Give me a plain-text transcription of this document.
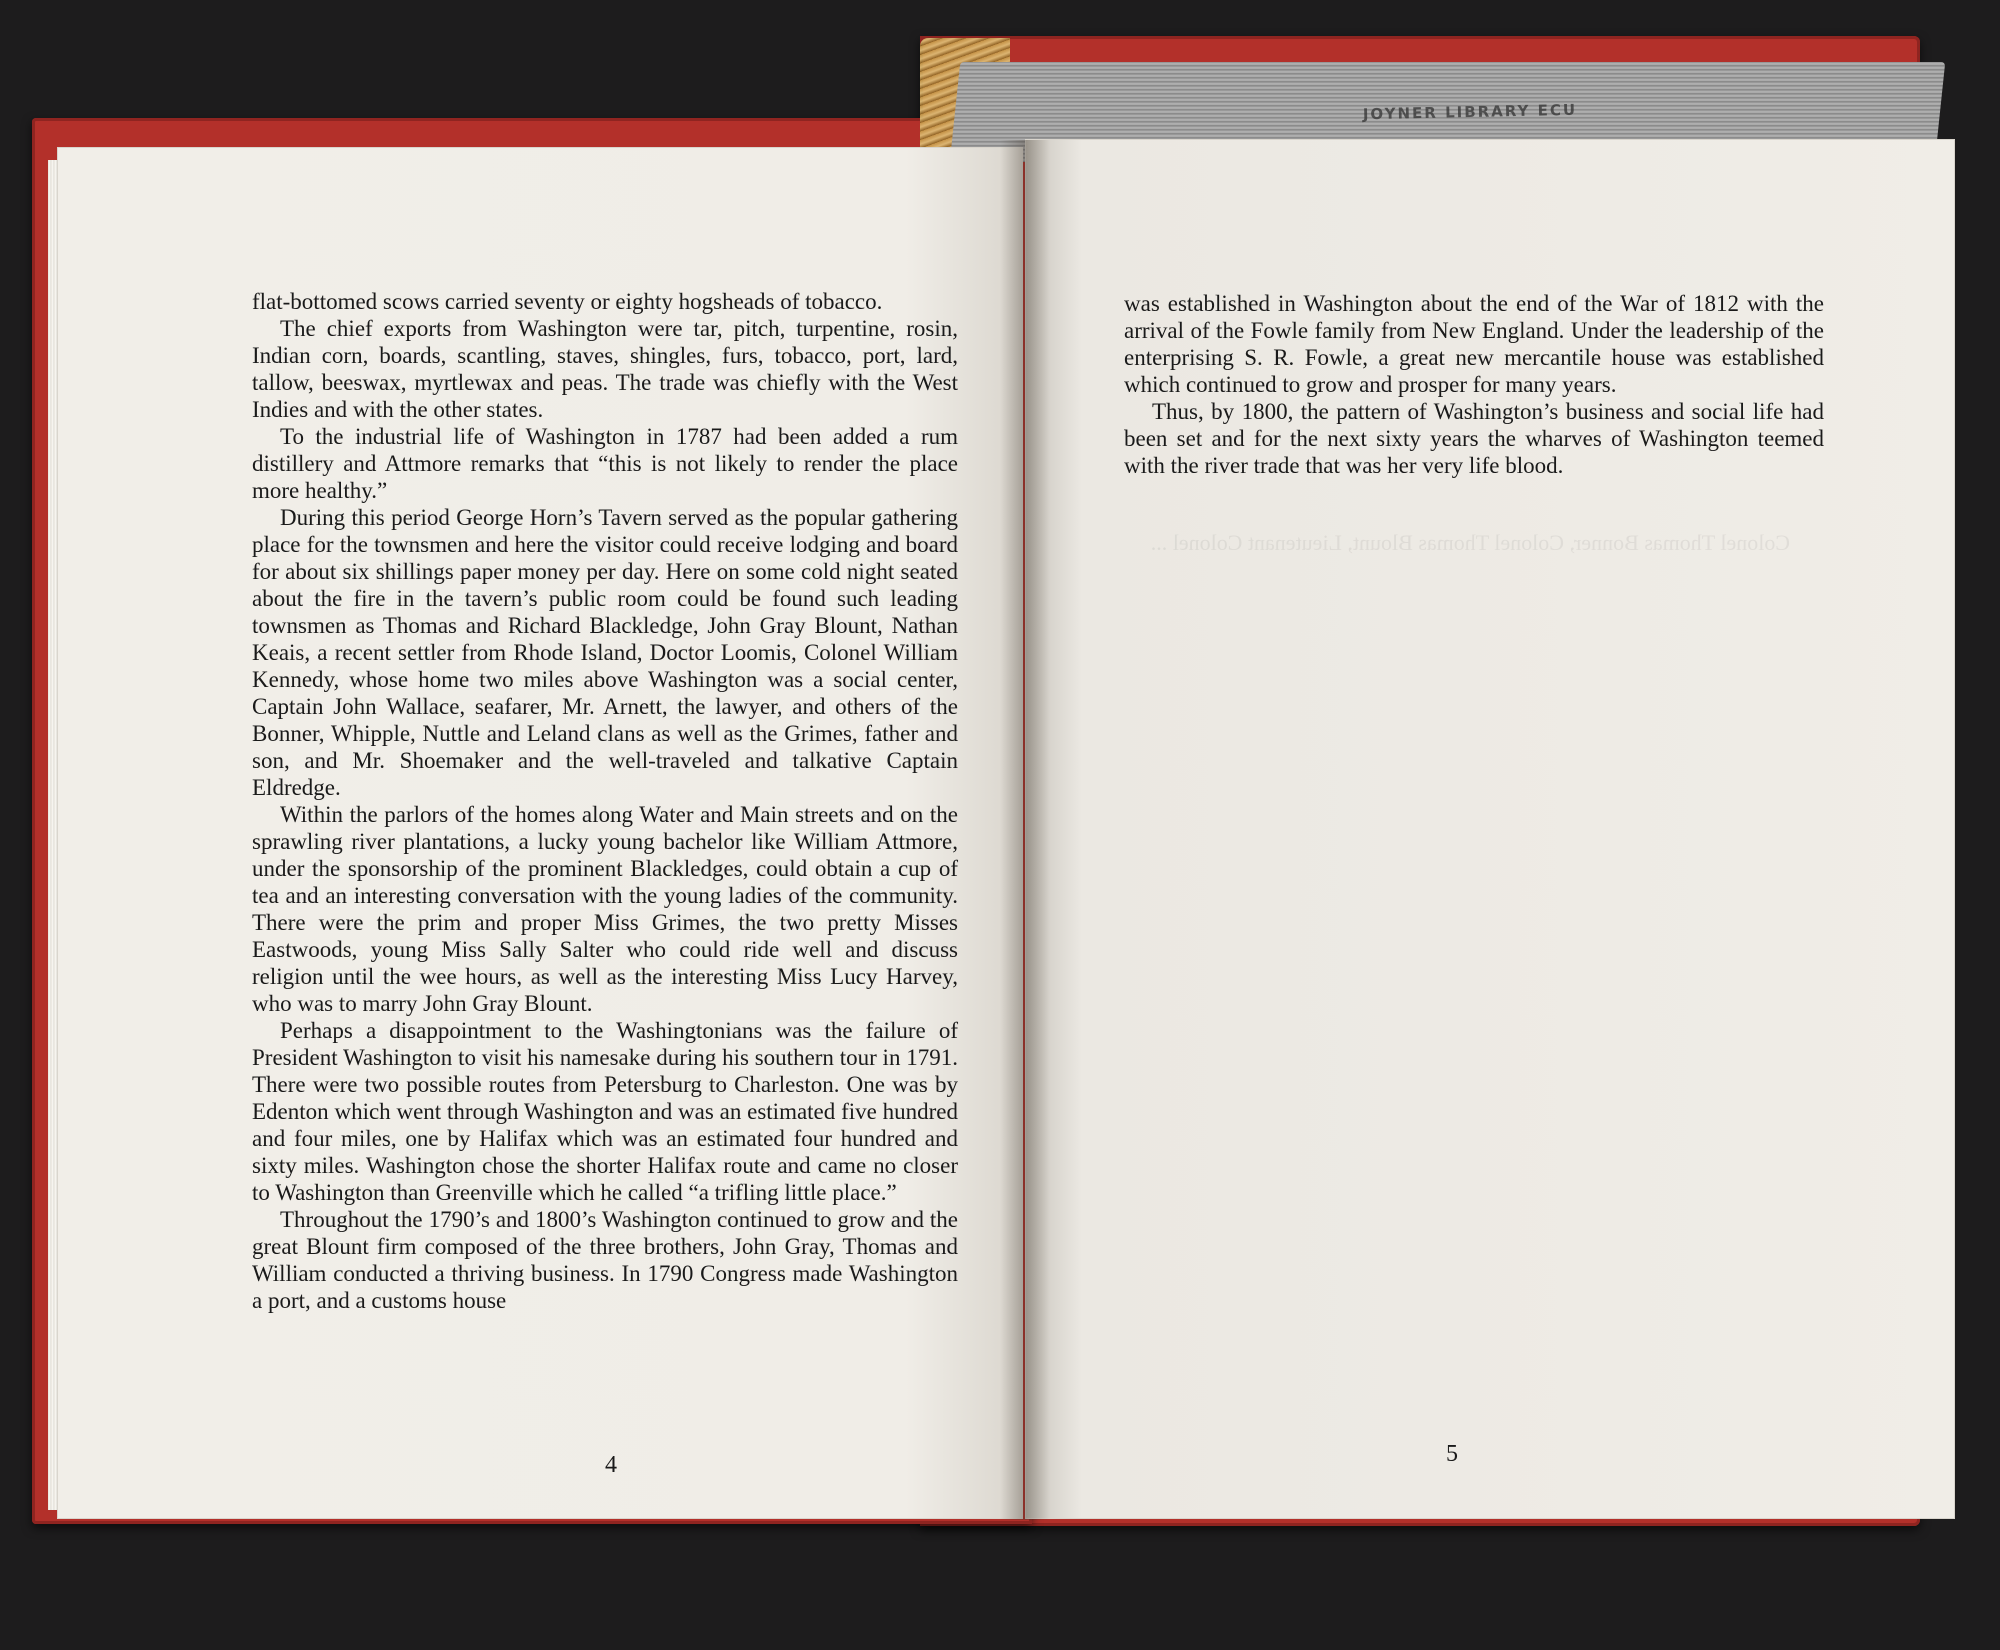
JOYNER LIBRARY ECU

flat-bottomed scows carried seventy or eighty hogsheads of tobacco.

The chief exports from Washington were tar, pitch, turpentine, rosin, Indian corn, boards, scantling, staves, shingles, furs, tobacco, port, lard, tallow, beeswax, myrtlewax and peas. The trade was chiefly with the West Indies and with the other states.

To the industrial life of Washington in 1787 had been added a rum distillery and Attmore remarks that “this is not likely to render the place more healthy.”

During this period George Horn’s Tavern served as the popular gathering place for the townsmen and here the visitor could receive lodging and board for about six shillings paper money per day. Here on some cold night seated about the fire in the tavern’s public room could be found such leading townsmen as Thomas and Richard Blackledge, John Gray Blount, Nathan Keais, a recent settler from Rhode Island, Doctor Loomis, Colonel William Kennedy, whose home two miles above Washington was a social center, Captain John Wallace, seafarer, Mr. Arnett, the lawyer, and others of the Bonner, Whipple, Nuttle and Leland clans as well as the Grimes, father and son, and Mr. Shoemaker and the well-traveled and talkative Captain Eldredge.

Within the parlors of the homes along Water and Main streets and on the sprawling river plantations, a lucky young bachelor like William Attmore, under the sponsorship of the prominent Blackledges, could obtain a cup of tea and an interesting conversation with the young ladies of the community. There were the prim and proper Miss Grimes, the two pretty Misses Eastwoods, young Miss Sally Salter who could ride well and discuss religion until the wee hours, as well as the interesting Miss Lucy Harvey, who was to marry John Gray Blount.

Perhaps a disappointment to the Washingtonians was the failure of President Washington to visit his namesake during his southern tour in 1791. There were two possible routes from Petersburg to Charleston. One was by Edenton which went through Washington and was an estimated five hundred and four miles, one by Halifax which was an estimated four hundred and sixty miles. Washington chose the shorter Halifax route and came no closer to Washington than Greenville which he called “a trifling little place.”

Throughout the 1790’s and 1800’s Washington continued to grow and the great Blount firm composed of the three brothers, John Gray, Thomas and William conducted a thriving business. In 1790 Congress made Washington a port, and a customs house

4

was established in Washington about the end of the War of 1812 with the arrival of the Fowle family from New England. Under the leadership of the enterprising S. R. Fowle, a great new mercantile house was established which continued to grow and prosper for many years.

Thus, by 1800, the pattern of Washington’s business and social life had been set and for the next sixty years the wharves of Washington teemed with the river trade that was her very life blood.

5
